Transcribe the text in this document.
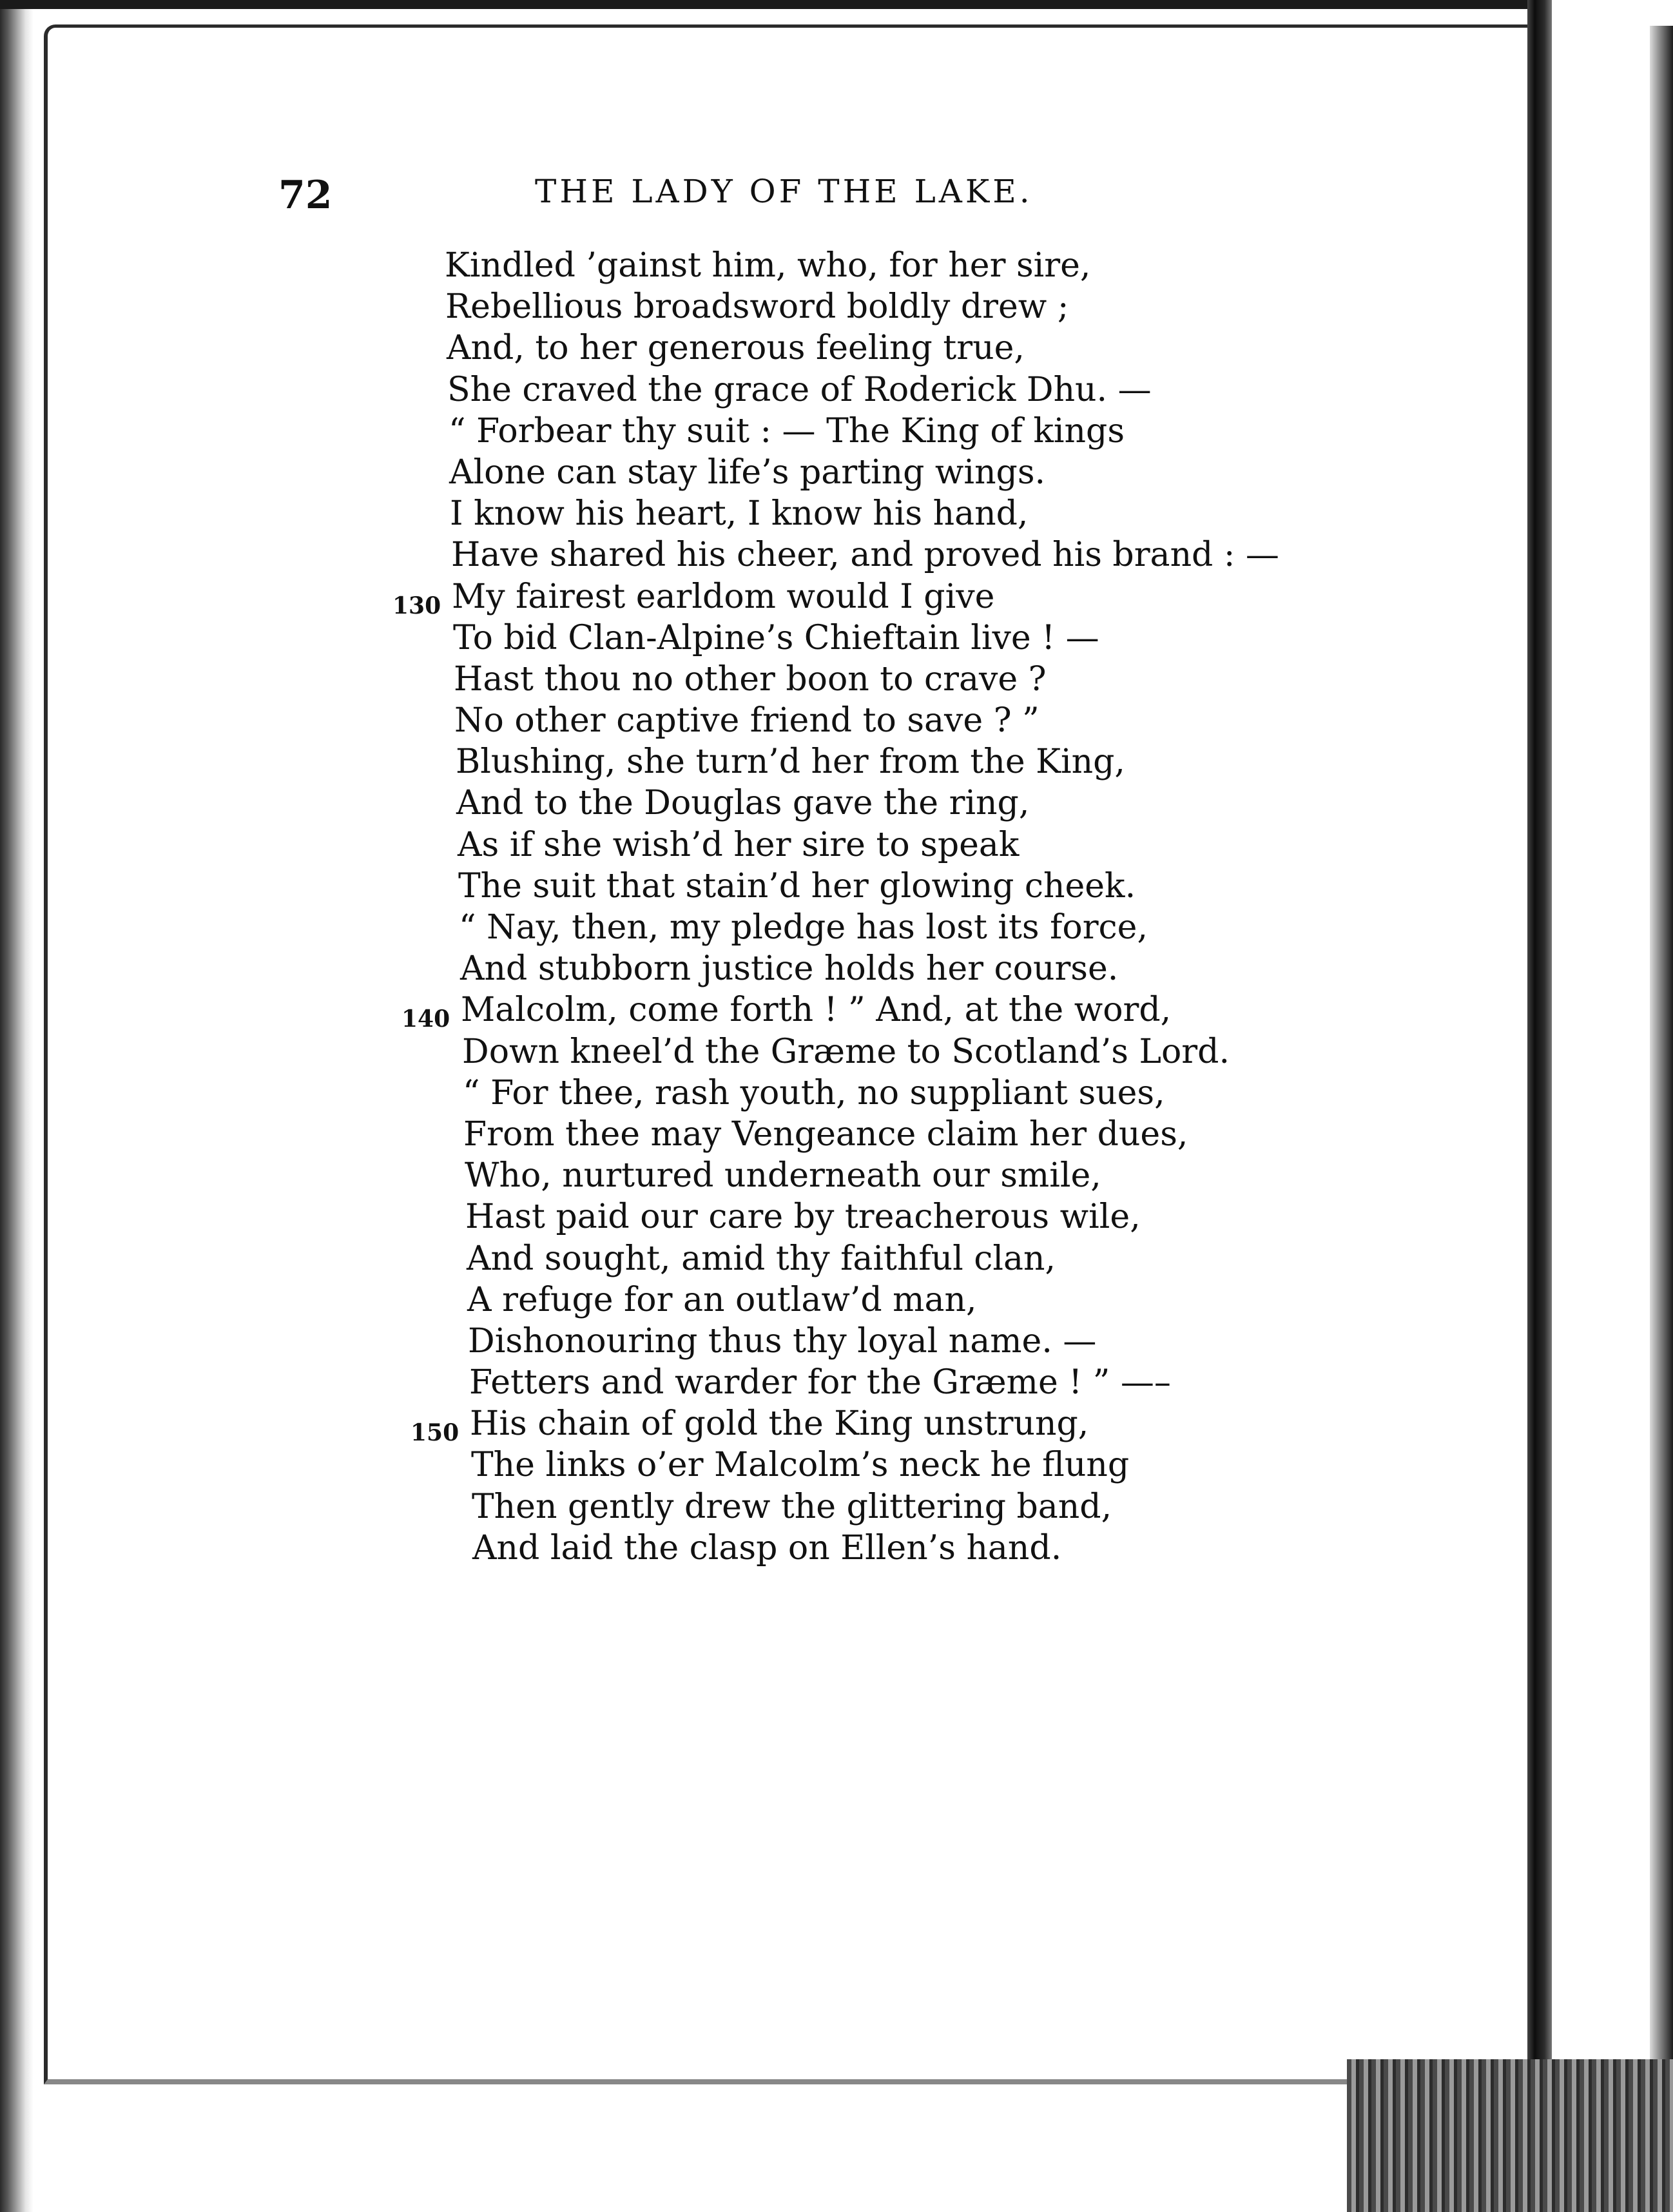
72	THE LADY OF THE LAKE.
Kindled ’gainst him, who, for her sire,
Rebellious broadsword boldly drew ;
And, to her generous feeling true,
She craved the grace of Roderick Dhu. —
“ Forbear thy suit : — The King of kings
Alone can stay life’s parting wings.
I know his heart, I know his hand,
Have shared his cheer, and proved his brand : —
130 My fairest earldom would I give
To bid Clan-Alpine’s Chieftain live ! —
Hast thou no other boon to crave ?
No other captive friend to save ? ”
Blushing, she turn’d her from the King,
And to the Douglas gave the ring,
As if she wish’d her sire to speak
The suit that stain’d her glowing cheek.
“ Nay, then, my pledge has lost its force,
And stubborn justice holds her course.
140 Malcolm, come forth ! ” And, at the word,
Down kneel’d the Græme to Scotland’s Lord.
“ For thee, rash youth, no suppliant sues,
From thee may Vengeance claim her dues,
Who, nurtured underneath our smile,
Hast paid our care by treacherous wile,
And sought, amid thy faithful clan,
A refuge for an outlaw’d man,
Dishonouring thus thy loyal name. —
Fetters and warder for the Græme ! ” —–
150 His chain of gold the King unstrung,
The links o’er Malcolm’s neck he flung
Then gently drew the glittering band,
And laid the clasp on Ellen’s hand.
